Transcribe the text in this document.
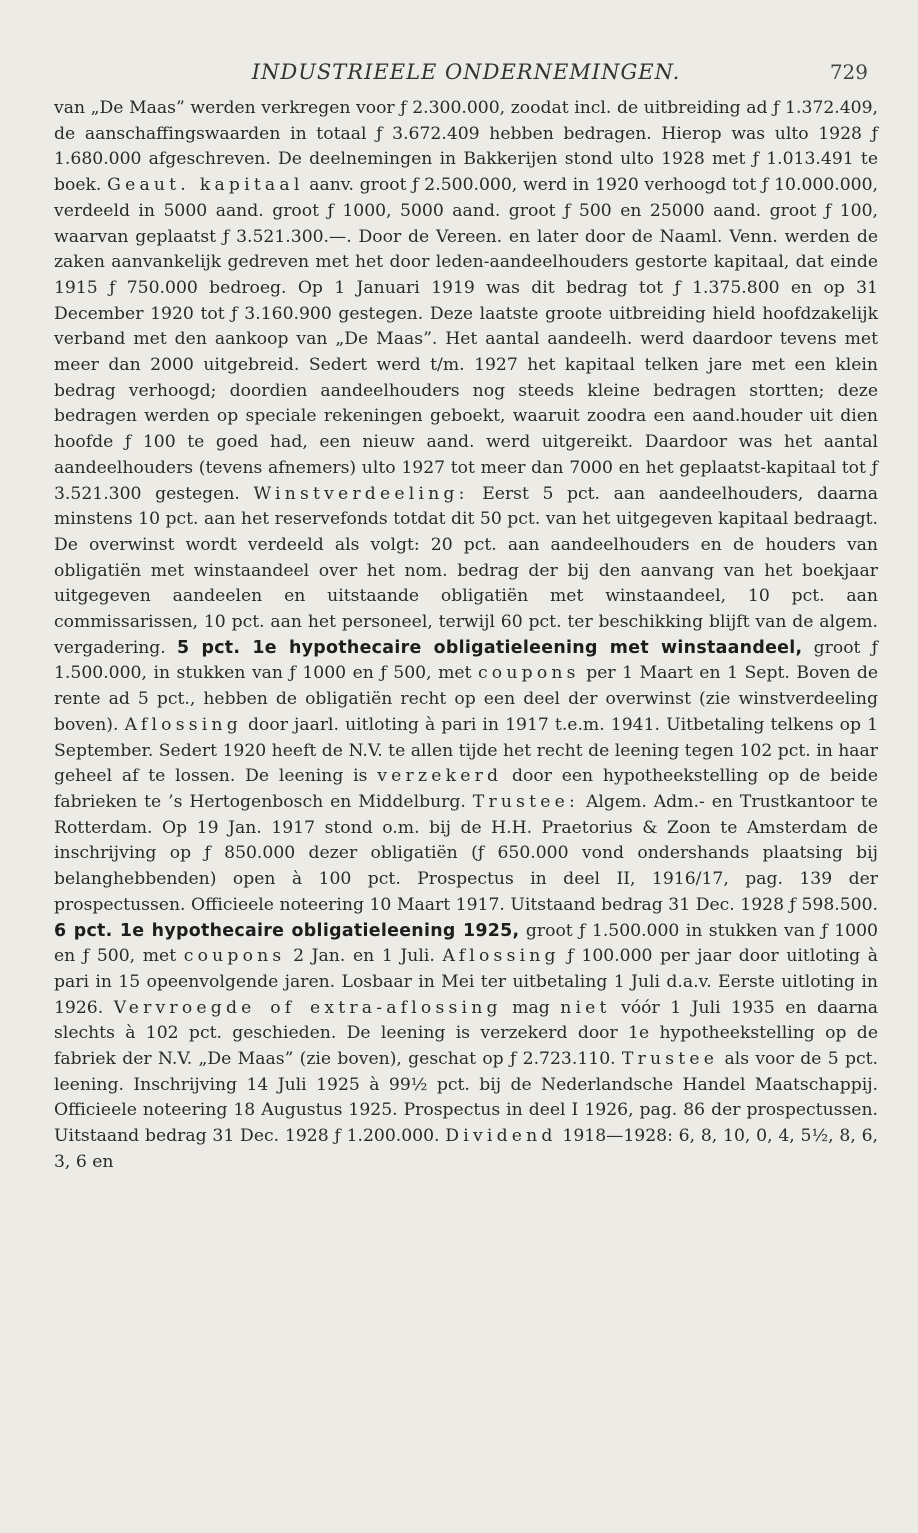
INDUSTRIEELE ONDERNEMINGEN.	729

van „De Maas” werden verkregen voor ƒ 2.300.000, zoodat incl. de uitbreiding ad ƒ 1.372.409, de aanschaffingswaarden in totaal ƒ 3.672.409 hebben bedragen. Hierop was ulto 1928 ƒ 1.680.000 afgeschreven. De deelnemingen in Bakkerijen stond ulto 1928 met ƒ 1.013.491 te boek. Geaut. kapitaal aanv. groot ƒ 2.500.000, werd in 1920 verhoogd tot ƒ 10.000.000, verdeeld in 5000 aand. groot ƒ 1000, 5000 aand. groot ƒ 500 en 25000 aand. groot ƒ 100, waarvan geplaatst ƒ 3.521.300.—. Door de Vereen. en later door de Naaml. Venn. werden de zaken aanvankelijk gedreven met het door leden-aandeelhouders gestorte kapitaal, dat einde 1915 ƒ 750.000 bedroeg. Op 1 Januari 1919 was dit bedrag tot ƒ 1.375.800 en op 31 December 1920 tot ƒ 3.160.900 gestegen. Deze laatste groote uitbreiding hield hoofdzakelijk verband met den aankoop van „De Maas”. Het aantal aandeelh. werd daardoor tevens met meer dan 2000 uitgebreid. Sedert werd t/m. 1927 het kapitaal telken jare met een klein bedrag verhoogd; doordien aandeelhouders nog steeds kleine bedragen stortten; deze bedragen werden op speciale rekeningen geboekt, waaruit zoodra een aand.houder uit dien hoofde ƒ 100 te goed had, een nieuw aand. werd uitgereikt. Daardoor was het aantal aandeelhouders (tevens afnemers) ulto 1927 tot meer dan 7000 en het geplaatst-kapitaal tot ƒ 3.521.300 gestegen. Winstverdeeling: Eerst 5 pct. aan aandeelhouders, daarna minstens 10 pct. aan het reservefonds totdat dit 50 pct. van het uitgegeven kapitaal bedraagt. De overwinst wordt verdeeld als volgt: 20 pct. aan aandeelhouders en de houders van obligatiën met winstaandeel over het nom. bedrag der bij den aanvang van het boekjaar uitgegeven aandeelen en uitstaande obligatiën met winstaandeel, 10 pct. aan commissarissen, 10 pct. aan het personeel, terwijl 60 pct. ter beschikking blijft van de algem. vergadering. 5 pct. 1e hypothecaire obligatieleening met winstaandeel, groot ƒ 1.500.000, in stukken van ƒ 1000 en ƒ 500, met coupons per 1 Maart en 1 Sept. Boven de rente ad 5 pct., hebben de obligatiën recht op een deel der overwinst (zie winstverdeeling boven). Aflossing door jaarl. uitloting à pari in 1917 t.e.m. 1941. Uitbetaling telkens op 1 September. Sedert 1920 heeft de N.V. te allen tijde het recht de leening tegen 102 pct. in haar geheel af te lossen. De leening is verzekerd door een hypotheekstelling op de beide fabrieken te ’s Hertogenbosch en Middelburg. Trustee: Algem. Adm.- en Trustkantoor te Rotterdam. Op 19 Jan. 1917 stond o.m. bij de H.H. Praetorius & Zoon te Amsterdam de inschrijving op ƒ 850.000 dezer obligatiën (ƒ 650.000 vond ondershands plaatsing bij belanghebbenden) open à 100 pct. Prospectus in deel II, 1916/17, pag. 139 der prospectussen. Officieele noteering 10 Maart 1917. Uitstaand bedrag 31 Dec. 1928 ƒ 598.500. 6 pct. 1e hypothecaire obligatieleening 1925, groot ƒ 1.500.000 in stukken van ƒ 1000 en ƒ 500, met coupons 2 Jan. en 1 Juli. Aflossing ƒ 100.000 per jaar door uitloting à pari in 15 opeenvolgende jaren. Losbaar in Mei ter uitbetaling 1 Juli d.a.v. Eerste uitloting in 1926. Vervroegde of extra-aflossing mag niet vóór 1 Juli 1935 en daarna slechts à 102 pct. geschieden. De leening is verzekerd door 1e hypotheekstelling op de fabriek der N.V. „De Maas” (zie boven), geschat op ƒ 2.723.110. Trustee als voor de 5 pct. leening. Inschrijving 14 Juli 1925 à 99½ pct. bij de Nederlandsche Handel Maatschappij. Officieele noteering 18 Augustus 1925. Prospectus in deel I 1926, pag. 86 der prospectussen. Uitstaand bedrag 31 Dec. 1928 ƒ 1.200.000. Dividend 1918—1928: 6, 8, 10, 0, 4, 5½, 8, 6, 3, 6 en
